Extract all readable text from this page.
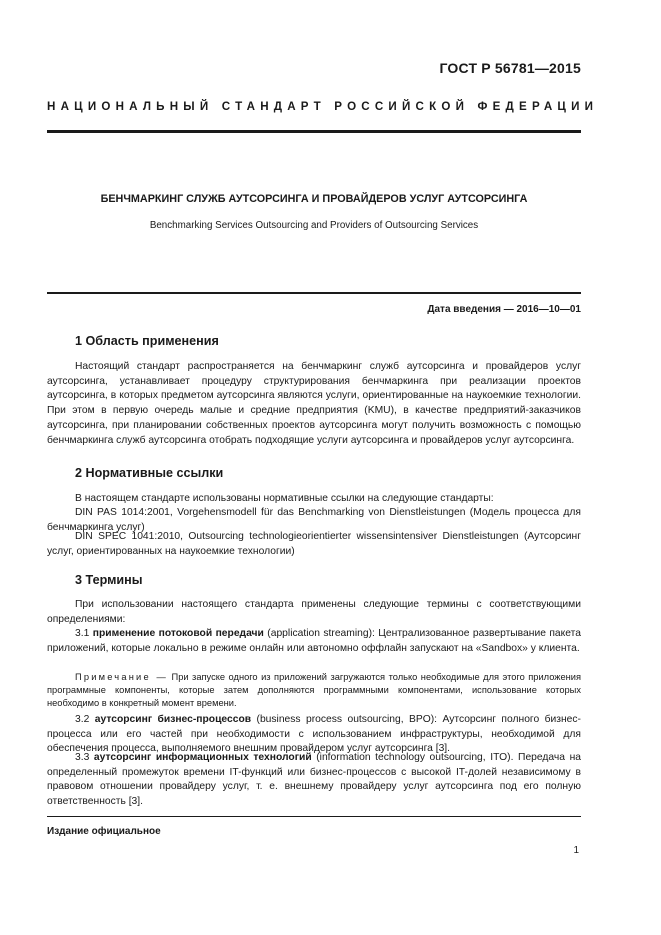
ГОСТ Р 56781—2015
НАЦИОНАЛЬНЫЙ СТАНДАРТ РОССИЙСКОЙ ФЕДЕРАЦИИ
БЕНЧМАРКИНГ СЛУЖБ АУТСОРСИНГА И ПРОВАЙДЕРОВ УСЛУГ АУТСОРСИНГА
Benchmarking Services Outsourcing and Providers of Outsourcing Services
Дата введения — 2016—10—01
1 Область применения

Настоящий стандарт распространяется на бенчмаркинг служб аутсорсинга и провайдеров услуг аутсорсинга, устанавливает процедуру структурирования бенчмаркинга при реализации проектов аутсорсинга, в которых предметом аутсорсинга являются услуги, ориентированные на наукоемкие технологии. При этом в первую очередь малые и средние предприятия (KMU), в качестве предприятий-заказчиков аутсорсинга, при планировании собственных проектов аутсорсинга могут получить возможность с помощью бенчмаркинга служб аутсорсинга отобрать подходящие услуги аутсорсинга и провайдеров услуг аутсорсинга.

2 Нормативные ссылки

В настоящем стандарте использованы нормативные ссылки на следующие стандарты:

DIN PAS 1014:2001, Vorgehensmodell für das Benchmarking von Dienstleistungen (Модель процесса для бенчмаркинга услуг)

DIN SPEC 1041:2010, Outsourcing technologieorientierter wissensintensiver Dienstleistungen (Аутсорсинг услуг, ориентированных на наукоемкие технологии)

3 Термины

При использовании настоящего стандарта применены следующие термины с соответствующими определениями:

3.1 применение потоковой передачи (application streaming): Централизованное развертывание пакета приложений, которые локально в режиме онлайн или автономно оффлайн запускают на «Sandbox» у клиента.

Примечание — При запуске одного из приложений загружаются только необходимые для этого приложения программные компоненты, которые затем дополняются программными компонентами, использование которых необходимо в конкретный момент времени.

3.2 аутсорсинг бизнес-процессов (business process outsourcing, BPO): Аутсорсинг полного бизнес-процесса или его частей при необходимости с использованием инфраструктуры, необходимой для обеспечения процесса, выполняемого внешним провайдером услуг аутсорсинга [3].

3.3 аутсорсинг информационных технологий (information technology outsourcing, ITO). Передача на определенный промежуток времени IT-функций или бизнес-процессов с высокой IT-долей независимому в правовом отношении провайдеру услуг, т. е. внешнему провайдеру услуг аутсорсинга под его полную ответственность [3].

Издание официальное
1
